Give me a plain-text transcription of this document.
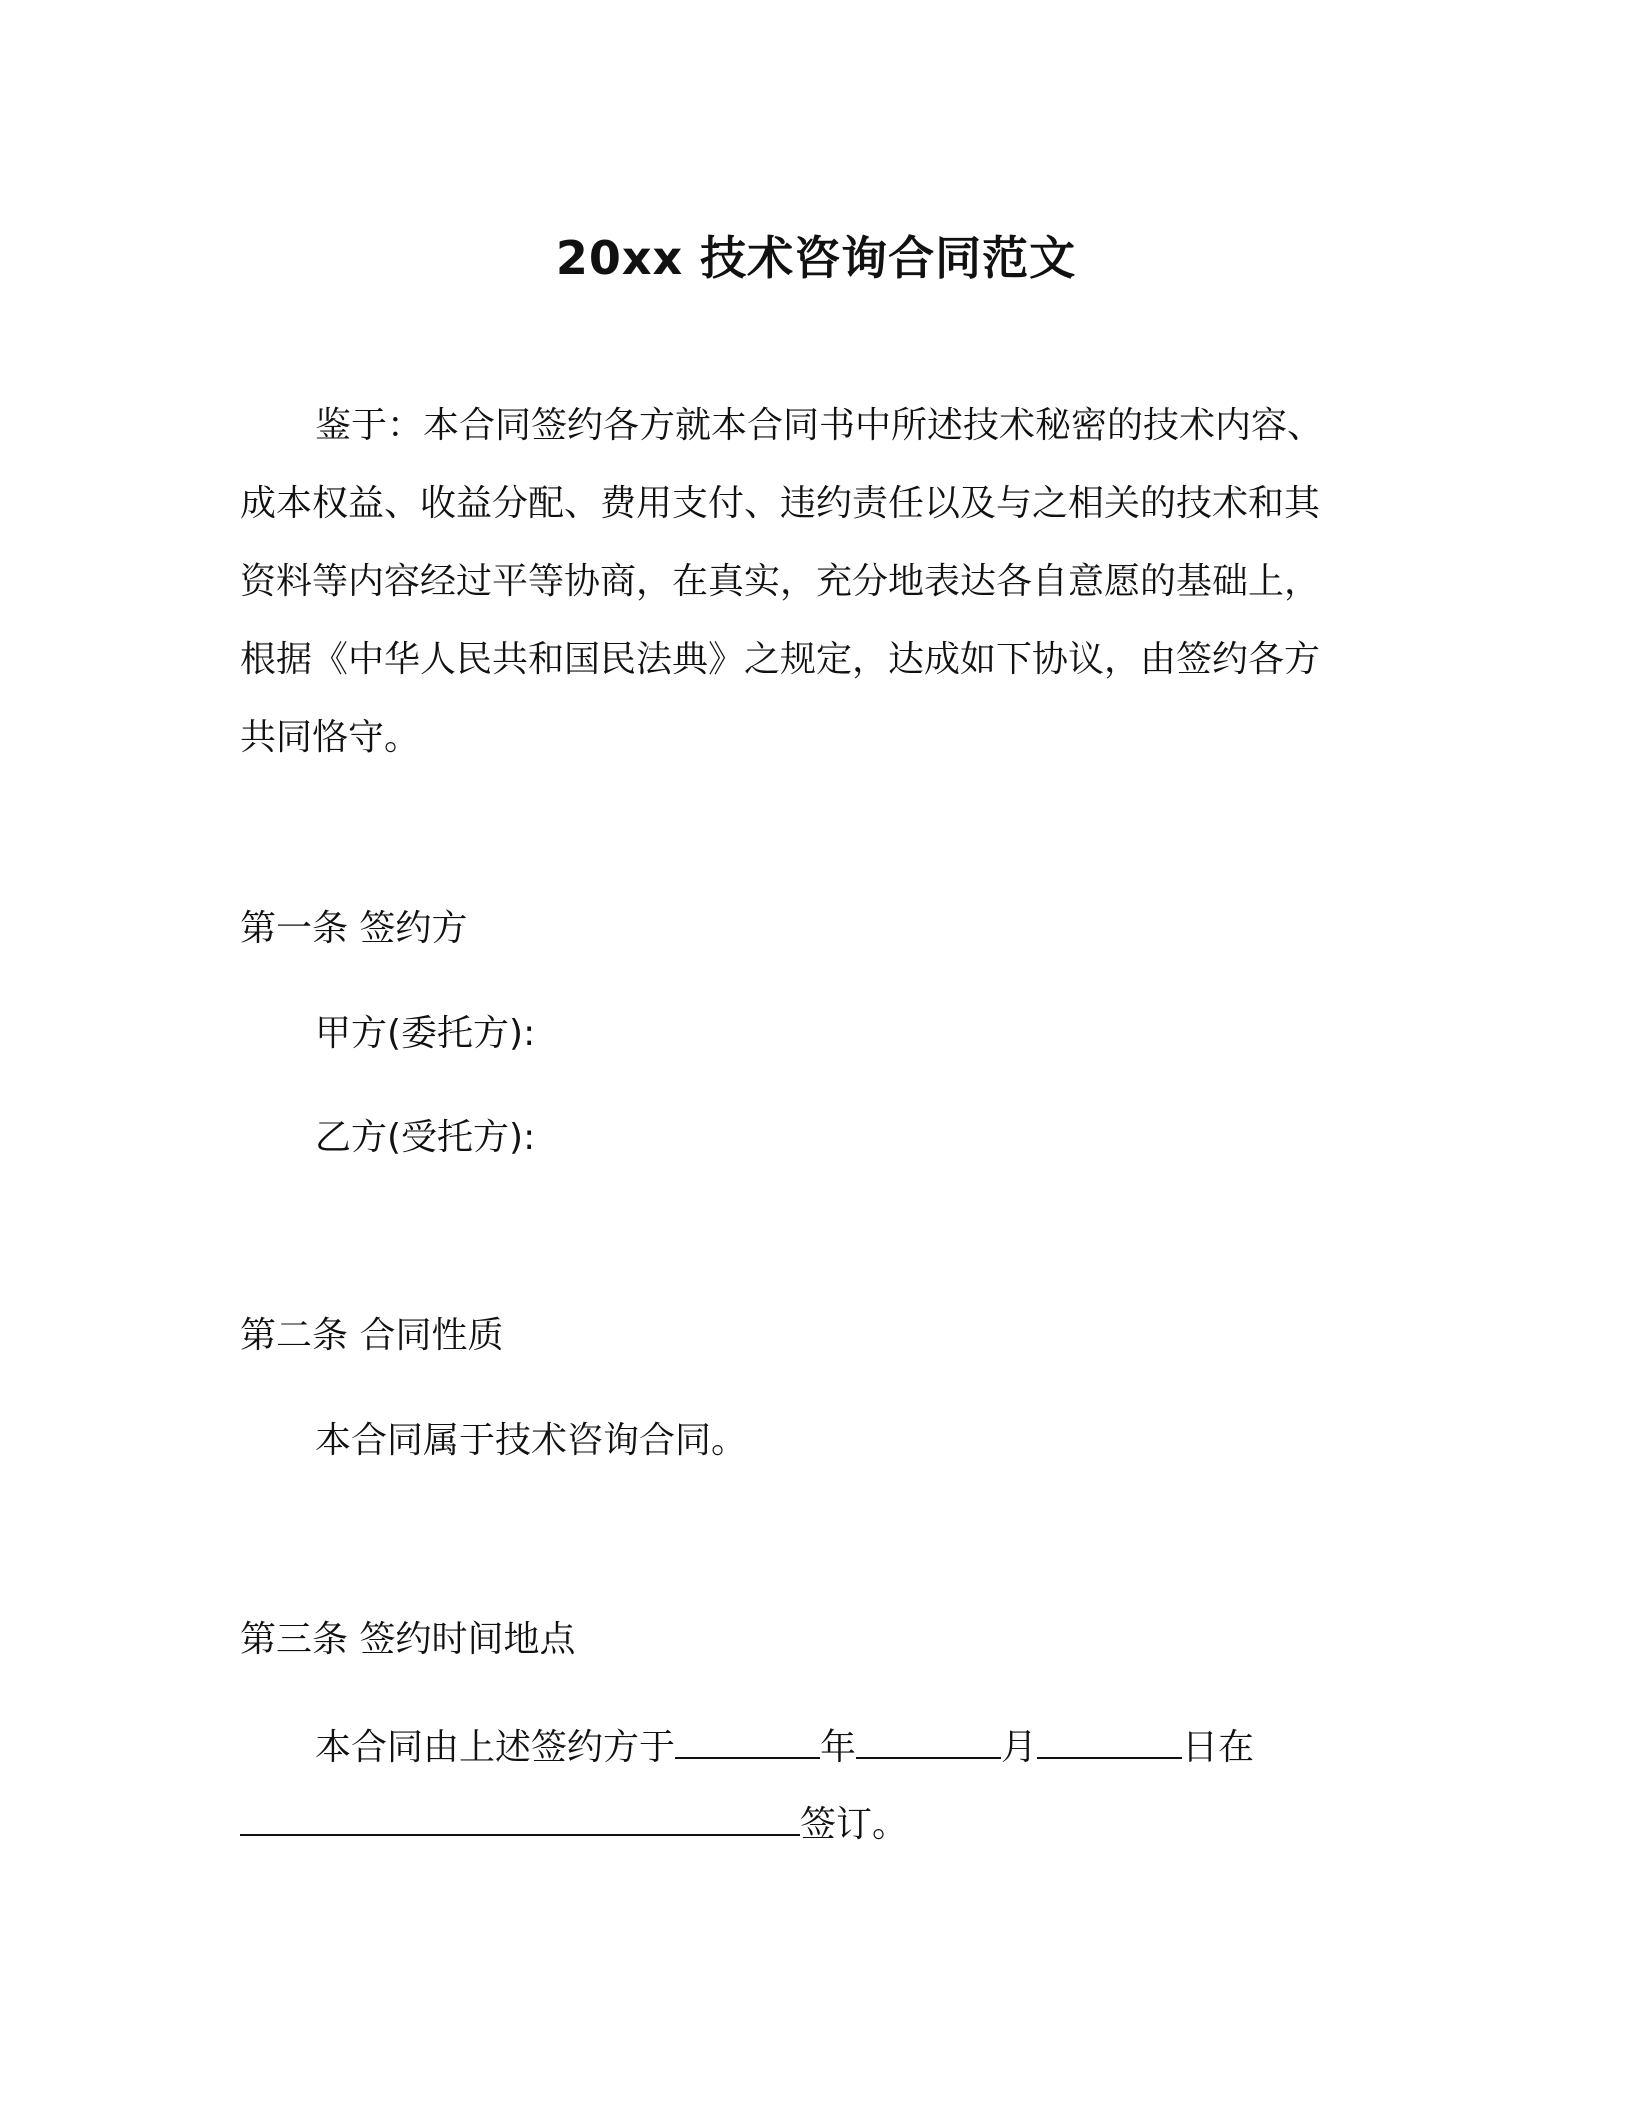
20xx 技术咨询合同范文
鉴于：本合同签约各方就本合同书中所述技术秘密的技术内容、
成本权益、收益分配、费用支付、违约责任以及与之相关的技术和其
资料等内容经过平等协商，在真实，充分地表达各自意愿的基础上，
根据《中华人民共和国民法典》之规定，达成如下协议，由签约各方
共同恪守。
第一条 签约方
甲方(委托方):
乙方(受托方):
第二条 合同性质
本合同属于技术咨询合同。
第三条 签约时间地点
本合同由上述签约方于	年	月	日在
签订。
